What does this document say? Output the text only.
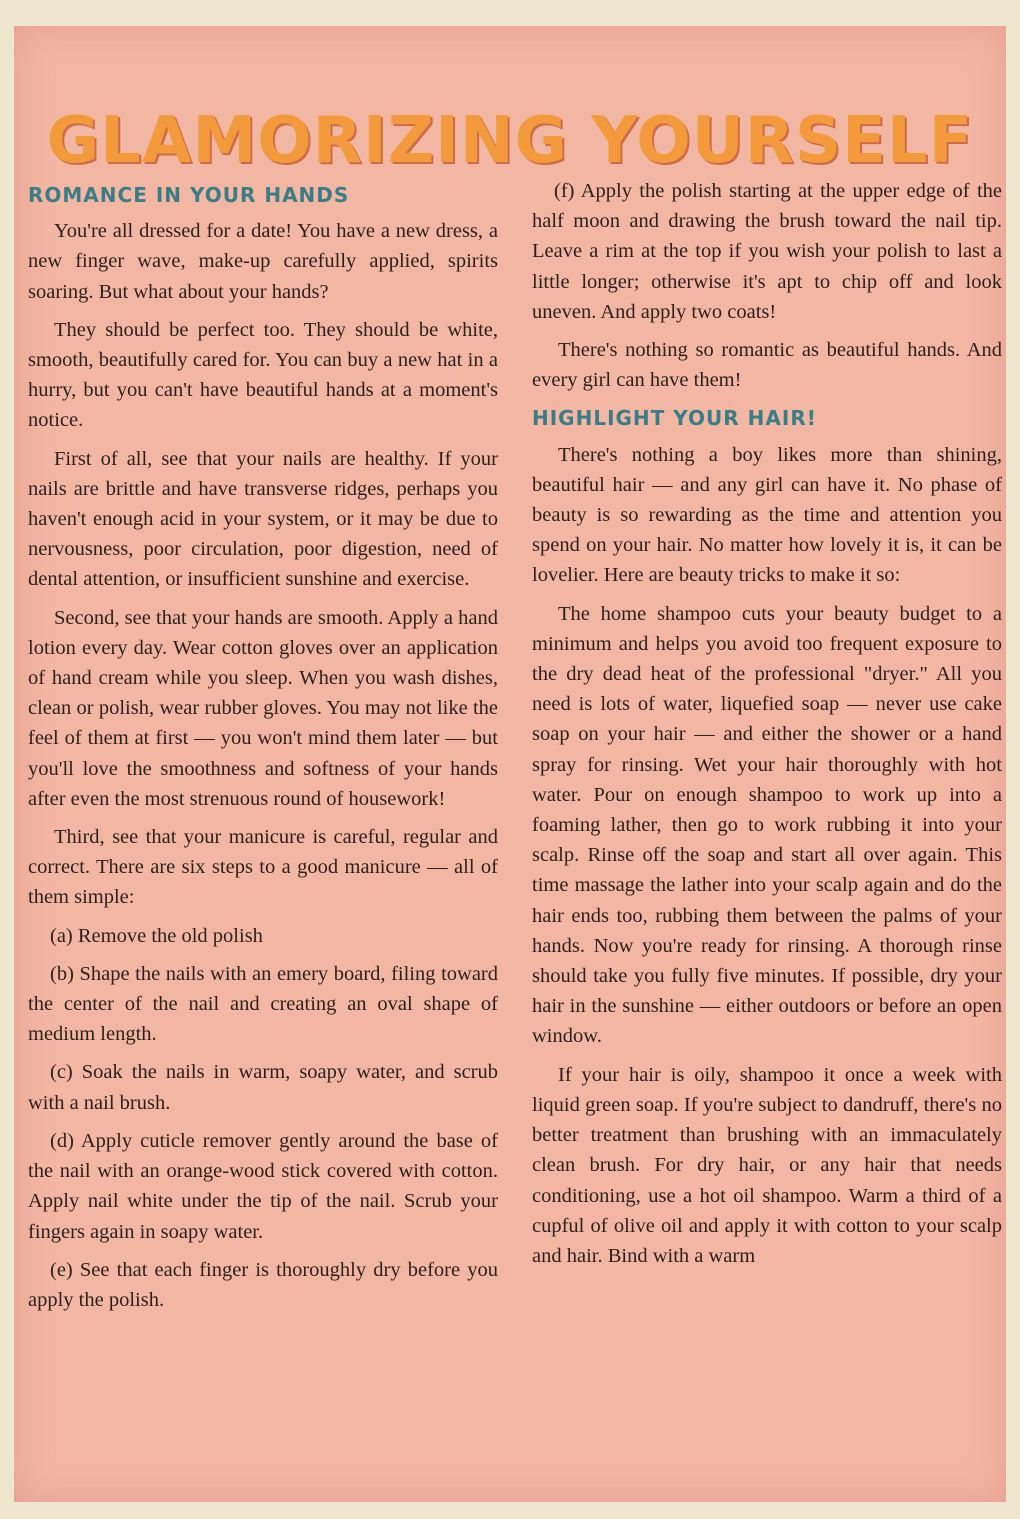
GLAMORIZING YOURSELF
ROMANCE IN YOUR HANDS

You're all dressed for a date! You have a new dress, a new finger wave, make-up carefully applied, spirits soaring. But what about your hands?

They should be perfect too. They should be white, smooth, beautifully cared for. You can buy a new hat in a hurry, but you can't have beautiful hands at a moment's notice.

First of all, see that your nails are healthy. If your nails are brittle and have transverse ridges, perhaps you haven't enough acid in your system, or it may be due to nervousness, poor circulation, poor digestion, need of dental attention, or insufficient sunshine and exercise.

Second, see that your hands are smooth. Apply a hand lotion every day. Wear cotton gloves over an application of hand cream while you sleep. When you wash dishes, clean or polish, wear rubber gloves. You may not like the feel of them at first — you won't mind them later — but you'll love the smoothness and softness of your hands after even the most strenuous round of housework!

Third, see that your manicure is careful, regular and correct. There are six steps to a good manicure — all of them simple:

(a) Remove the old polish

(b) Shape the nails with an emery board, filing toward the center of the nail and creating an oval shape of medium length.

(c) Soak the nails in warm, soapy water, and scrub with a nail brush.

(d) Apply cuticle remover gently around the base of the nail with an orange-wood stick covered with cotton. Apply nail white under the tip of the nail. Scrub your fingers again in soapy water.

(e) See that each finger is thoroughly dry before you apply the polish.

(f) Apply the polish starting at the upper edge of the half moon and drawing the brush toward the nail tip. Leave a rim at the top if you wish your polish to last a little longer; otherwise it's apt to chip off and look uneven. And apply two coats!

There's nothing so romantic as beautiful hands. And every girl can have them!

HIGHLIGHT YOUR HAIR!

There's nothing a boy likes more than shining, beautiful hair — and any girl can have it. No phase of beauty is so rewarding as the time and attention you spend on your hair. No matter how lovely it is, it can be lovelier. Here are beauty tricks to make it so:

The home shampoo cuts your beauty budget to a minimum and helps you avoid too frequent exposure to the dry dead heat of the professional "dryer." All you need is lots of water, liquefied soap — never use cake soap on your hair — and either the shower or a hand spray for rinsing. Wet your hair thoroughly with hot water. Pour on enough shampoo to work up into a foaming lather, then go to work rubbing it into your scalp. Rinse off the soap and start all over again. This time massage the lather into your scalp again and do the hair ends too, rubbing them between the palms of your hands. Now you're ready for rinsing. A thorough rinse should take you fully five minutes. If possible, dry your hair in the sunshine — either outdoors or before an open window.

If your hair is oily, shampoo it once a week with liquid green soap. If you're subject to dandruff, there's no better treatment than brushing with an immaculately clean brush. For dry hair, or any hair that needs conditioning, use a hot oil shampoo. Warm a third of a cupful of olive oil and apply it with cotton to your scalp and hair. Bind with a warm
